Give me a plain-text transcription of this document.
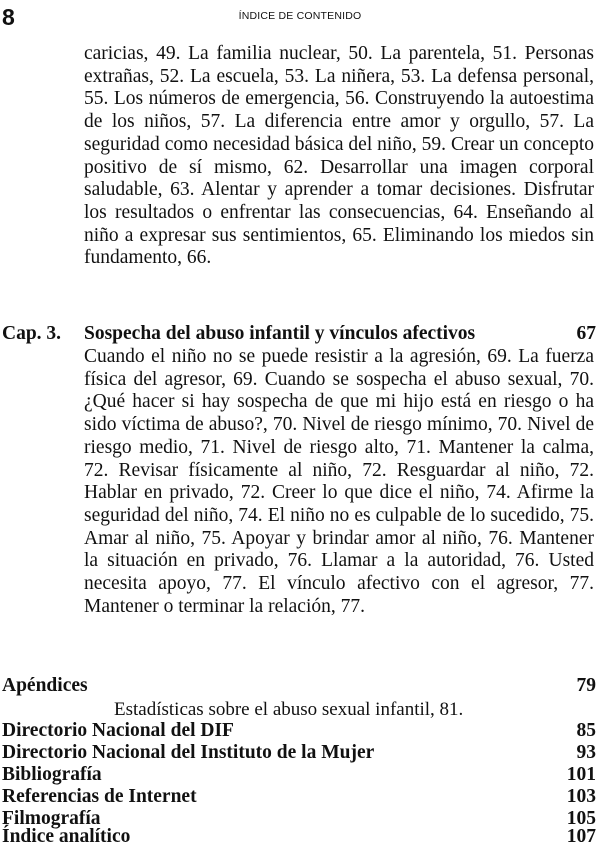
8	ÍNDICE DE CONTENIDO
caricias, 49. La familia nuclear, 50. La parentela, 51. Personas extrañas, 52. La escuela, 53. La niñera, 53. La defensa personal, 55. Los números de emergencia, 56. Construyendo la autoestima de los niños, 57. La diferencia entre amor y orgullo, 57. La seguridad como necesidad básica del niño, 59. Crear un concepto positivo de sí mismo, 62. Desarrollar una imagen corporal saludable, 63. Alentar y aprender a tomar decisiones. Disfrutar los resultados o enfrentar las consecuencias, 64. Enseñando al niño a expresar sus sentimientos, 65. Eliminando los miedos sin fundamento, 66.
Cap. 3. Sospecha del abuso infantil y vínculos afectivos	67
Cuando el niño no se puede resistir a la agresión, 69. La fuerza física del agresor, 69. Cuando se sospecha el abuso sexual, 70. ¿Qué hacer si hay sospecha de que mi hijo está en riesgo o ha sido víctima de abuso?, 70. Nivel de riesgo mínimo, 70. Nivel de riesgo medio, 71. Nivel de riesgo alto, 71. Mantener la calma, 72. Revisar físicamente al niño, 72. Resguardar al niño, 72. Hablar en privado, 72. Creer lo que dice el niño, 74. Afirme la seguridad del niño, 74. El niño no es culpable de lo sucedido, 75. Amar al niño, 75. Apoyar y brindar amor al niño, 76. Mantener la situación en privado, 76. Llamar a la autoridad, 76. Usted necesita apoyo, 77. El vínculo afectivo con el agresor, 77. Mantener o terminar la relación, 77.
Apéndices	79
Estadísticas sobre el abuso sexual infantil, 81.
Directorio Nacional del DIF	85
Directorio Nacional del Instituto de la Mujer	93
Bibliografía	101
Referencias de Internet	103
Filmografía	105
Índice analítico	107
